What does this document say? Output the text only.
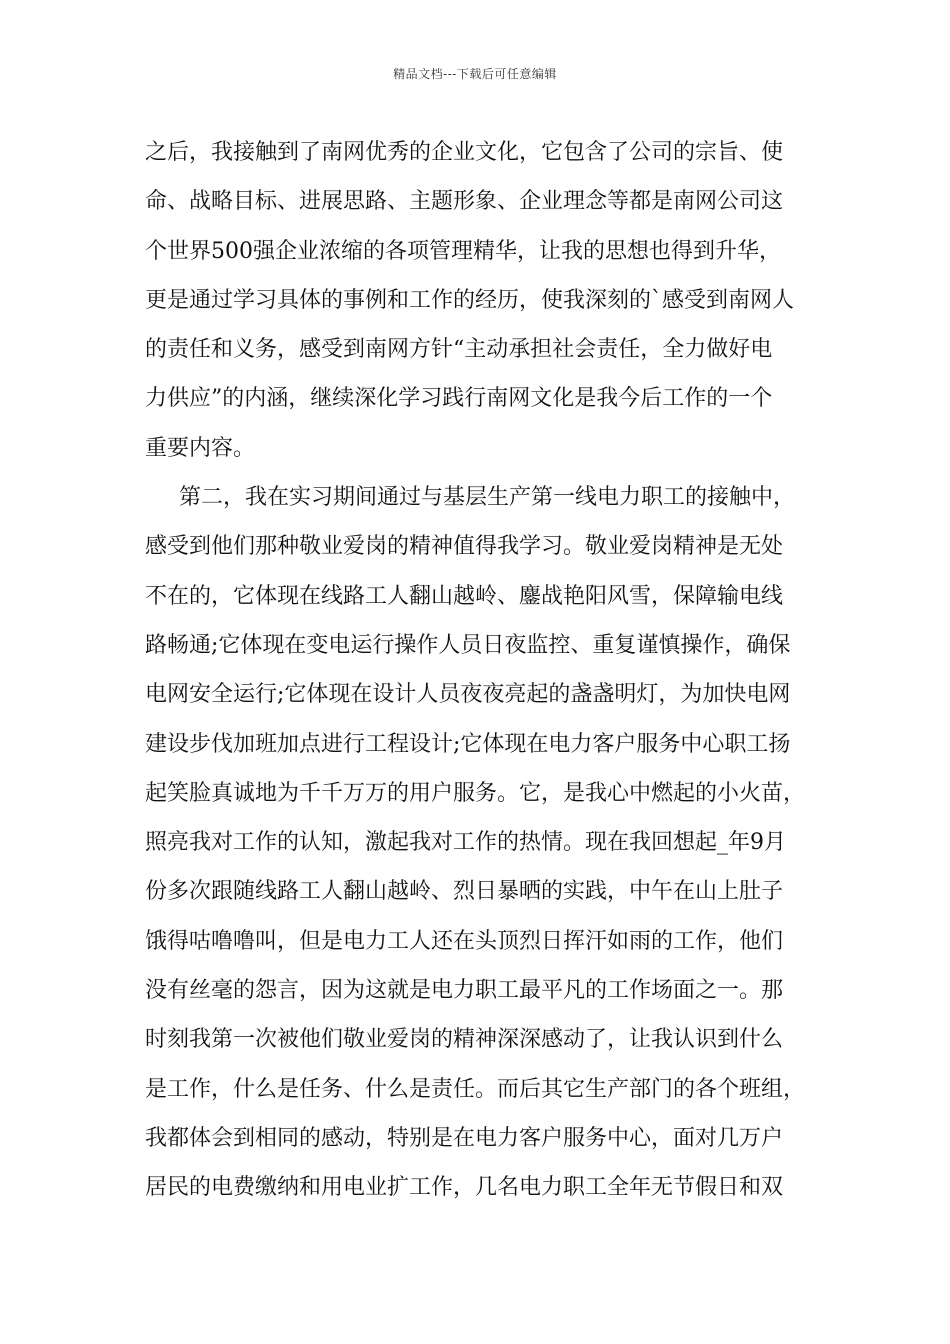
精品文档---下载后可任意编辑
之后，我接触到了南网优秀的企业文化，它包含了公司的宗旨、使
命、战略目标、进展思路、主题形象、企业理念等都是南网公司这
个世界500强企业浓缩的各项管理精华，让我的思想也得到升华，
更是通过学习具体的事例和工作的经历，使我深刻的`感受到南网人
的责任和义务，感受到南网方针“主动承担社会责任，全力做好电
力供应”的内涵，继续深化学习践行南网文化是我今后工作的一个
重要内容。
第二，我在实习期间通过与基层生产第一线电力职工的接触中，
感受到他们那种敬业爱岗的精神值得我学习。敬业爱岗精神是无处
不在的，它体现在线路工人翻山越岭、鏖战艳阳风雪，保障输电线
路畅通;它体现在变电运行操作人员日夜监控、重复谨慎操作，确保
电网安全运行;它体现在设计人员夜夜亮起的盏盏明灯，为加快电网
建设步伐加班加点进行工程设计;它体现在电力客户服务中心职工扬
起笑脸真诚地为千千万万的用户服务。它，是我心中燃起的小火苗，
照亮我对工作的认知，激起我对工作的热情。现在我回想起_年9月
份多次跟随线路工人翻山越岭、烈日暴晒的实践，中午在山上肚子
饿得咕噜噜叫，但是电力工人还在头顶烈日挥汗如雨的工作，他们
没有丝毫的怨言，因为这就是电力职工最平凡的工作场面之一。那
时刻我第一次被他们敬业爱岗的精神深深感动了，让我认识到什么
是工作，什么是任务、什么是责任。而后其它生产部门的各个班组，
我都体会到相同的感动，特别是在电力客户服务中心，面对几万户
居民的电费缴纳和用电业扩工作，几名电力职工全年无节假日和双
